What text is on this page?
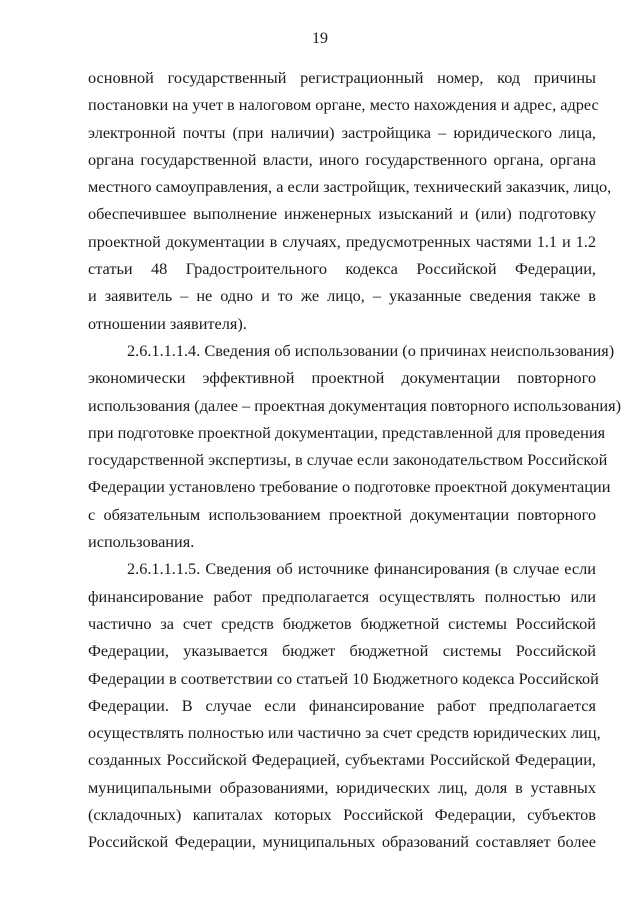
19
основной государственный регистрационный номер, код причины
постановки на учет в налоговом органе, место нахождения и адрес, адрес
электронной почты (при наличии) застройщика – юридического лица,
органа государственной власти, иного государственного органа, органа
местного самоуправления, а если застройщик, технический заказчик, лицо,
обеспечившее выполнение инженерных изысканий и (или) подготовку
проектной документации в случаях, предусмотренных частями 1.1 и 1.2
статьи 48 Градостроительного кодекса Российской Федерации,
и заявитель – не одно и то же лицо, – указанные сведения также в
отношении заявителя).
2.6.1.1.1.4. Сведения об использовании (о причинах неиспользования)
экономически эффективной проектной документации повторного
использования (далее – проектная документация повторного использования)
при подготовке проектной документации, представленной для проведения
государственной экспертизы, в случае если законодательством Российской
Федерации установлено требование о подготовке проектной документации
с обязательным использованием проектной документации повторного
использования.
2.6.1.1.1.5. Сведения об источнике финансирования (в случае если
финансирование работ предполагается осуществлять полностью или
частично за счет средств бюджетов бюджетной системы Российской
Федерации, указывается бюджет бюджетной системы Российской
Федерации в соответствии со статьей 10 Бюджетного кодекса Российской
Федерации. В случае если финансирование работ предполагается
осуществлять полностью или частично за счет средств юридических лиц,
созданных Российской Федерацией, субъектами Российской Федерации,
муниципальными образованиями, юридических лиц, доля в уставных
(складочных) капиталах которых Российской Федерации, субъектов
Российской Федерации, муниципальных образований составляет более
